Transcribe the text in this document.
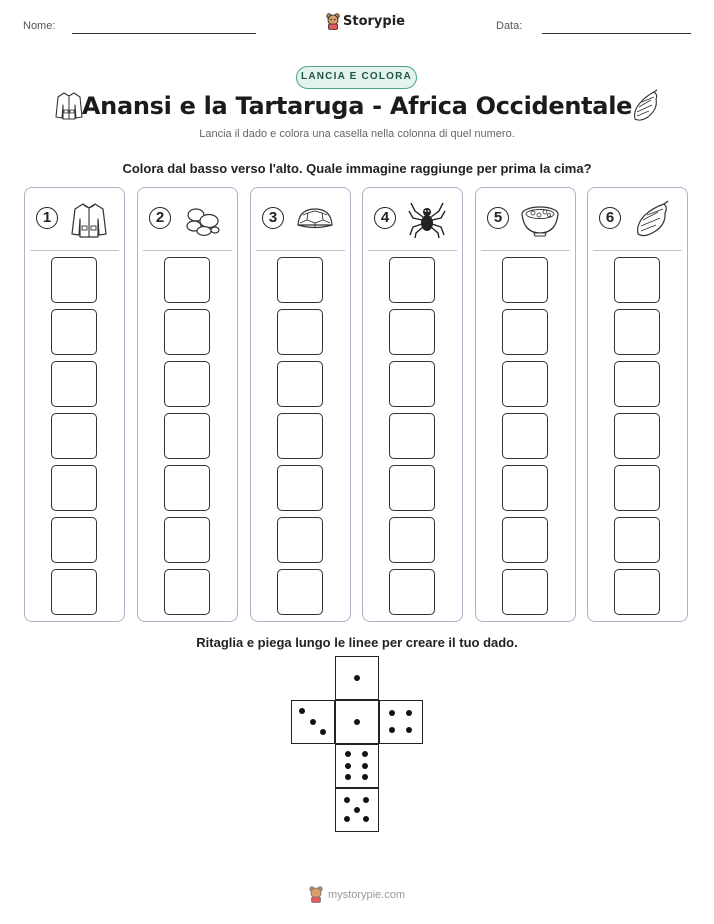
Nome:	Storypie	Data:
LANCIA E COLORA
Anansi e la Tartaruga - Africa Occidentale
Lancia il dado e colora una casella nella colonna di quel numero.
Colora dal basso verso l'alto. Quale immagine raggiunge per prima la cima?
1	2	3	4	5	6
Ritaglia e piega lungo le linee per creare il tuo dado.
mystorypie.com
